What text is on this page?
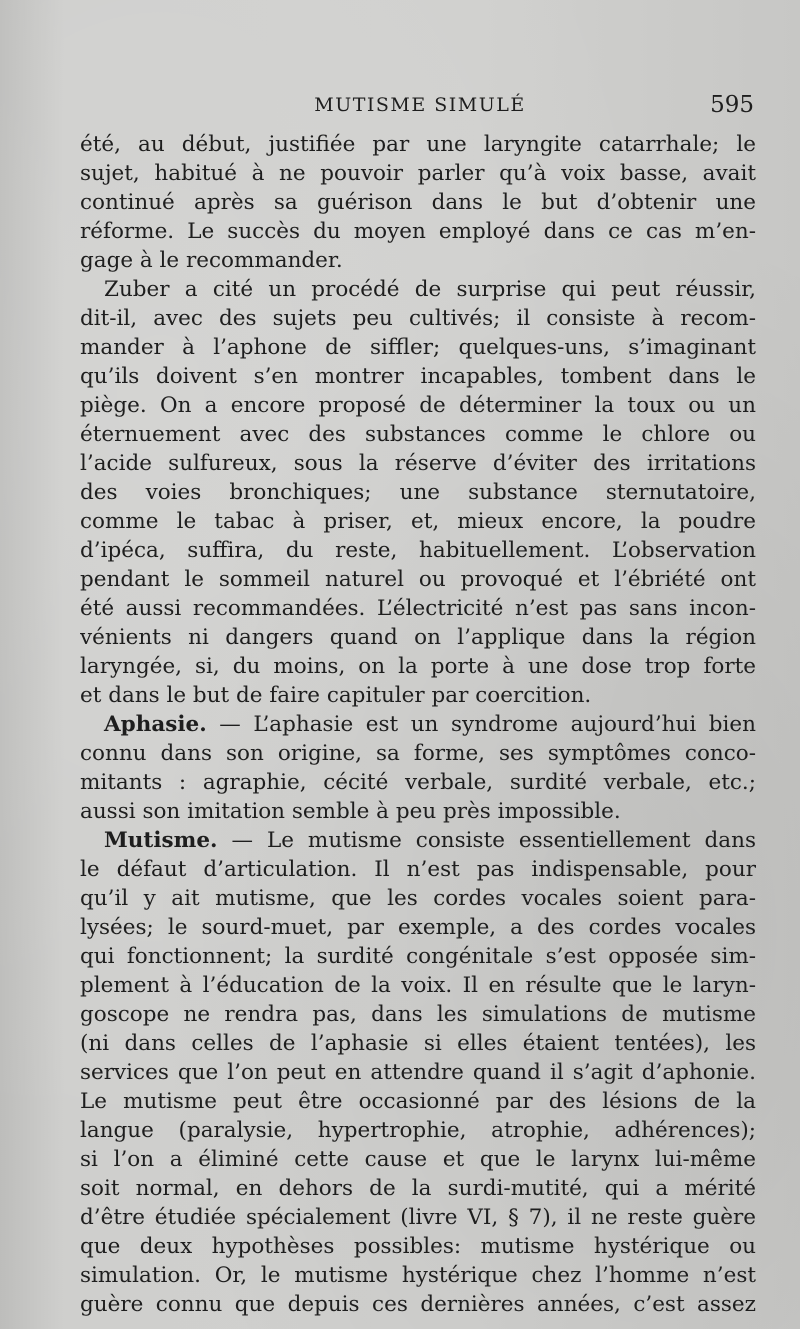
MUTISME SIMULÉ	595
été, au début, justifiée par une laryngite catarrhale; le
sujet, habitué à ne pouvoir parler qu’à voix basse, avait
continué après sa guérison dans le but d’obtenir une
réforme. Le succès du moyen employé dans ce cas m’en-
gage à le recommander.
Zuber a cité un procédé de surprise qui peut réussir,
dit-il, avec des sujets peu cultivés; il consiste à recom-
mander à l’aphone de siffler; quelques-uns, s’imaginant
qu’ils doivent s’en montrer incapables, tombent dans le
piège. On a encore proposé de déterminer la toux ou un
éternuement avec des substances comme le chlore ou
l’acide sulfureux, sous la réserve d’éviter des irritations
des voies bronchiques; une substance sternutatoire,
comme le tabac à priser, et, mieux encore, la poudre
d’ipéca, suffira, du reste, habituellement. L’observation
pendant le sommeil naturel ou provoqué et l’ébriété ont
été aussi recommandées. L’électricité n’est pas sans incon-
vénients ni dangers quand on l’applique dans la région
laryngée, si, du moins, on la porte à une dose trop forte
et dans le but de faire capituler par coercition.
Aphasie. — L’aphasie est un syndrome aujourd’hui bien
connu dans son origine, sa forme, ses symptômes conco-
mitants : agraphie, cécité verbale, surdité verbale, etc.;
aussi son imitation semble à peu près impossible.
Mutisme. — Le mutisme consiste essentiellement dans
le défaut d’articulation. Il n’est pas indispensable, pour
qu’il y ait mutisme, que les cordes vocales soient para-
lysées; le sourd-muet, par exemple, a des cordes vocales
qui fonctionnent; la surdité congénitale s’est opposée sim-
plement à l’éducation de la voix. Il en résulte que le laryn-
goscope ne rendra pas, dans les simulations de mutisme
(ni dans celles de l’aphasie si elles étaient tentées), les
services que l’on peut en attendre quand il s’agit d’aphonie.
Le mutisme peut être occasionné par des lésions de la
langue (paralysie, hypertrophie, atrophie, adhérences);
si l’on a éliminé cette cause et que le larynx lui-même
soit normal, en dehors de la surdi-mutité, qui a mérité
d’être étudiée spécialement (livre VI, § 7), il ne reste guère
que deux hypothèses possibles: mutisme hystérique ou
simulation. Or, le mutisme hystérique chez l’homme n’est
guère connu que depuis ces dernières années, c’est assez
